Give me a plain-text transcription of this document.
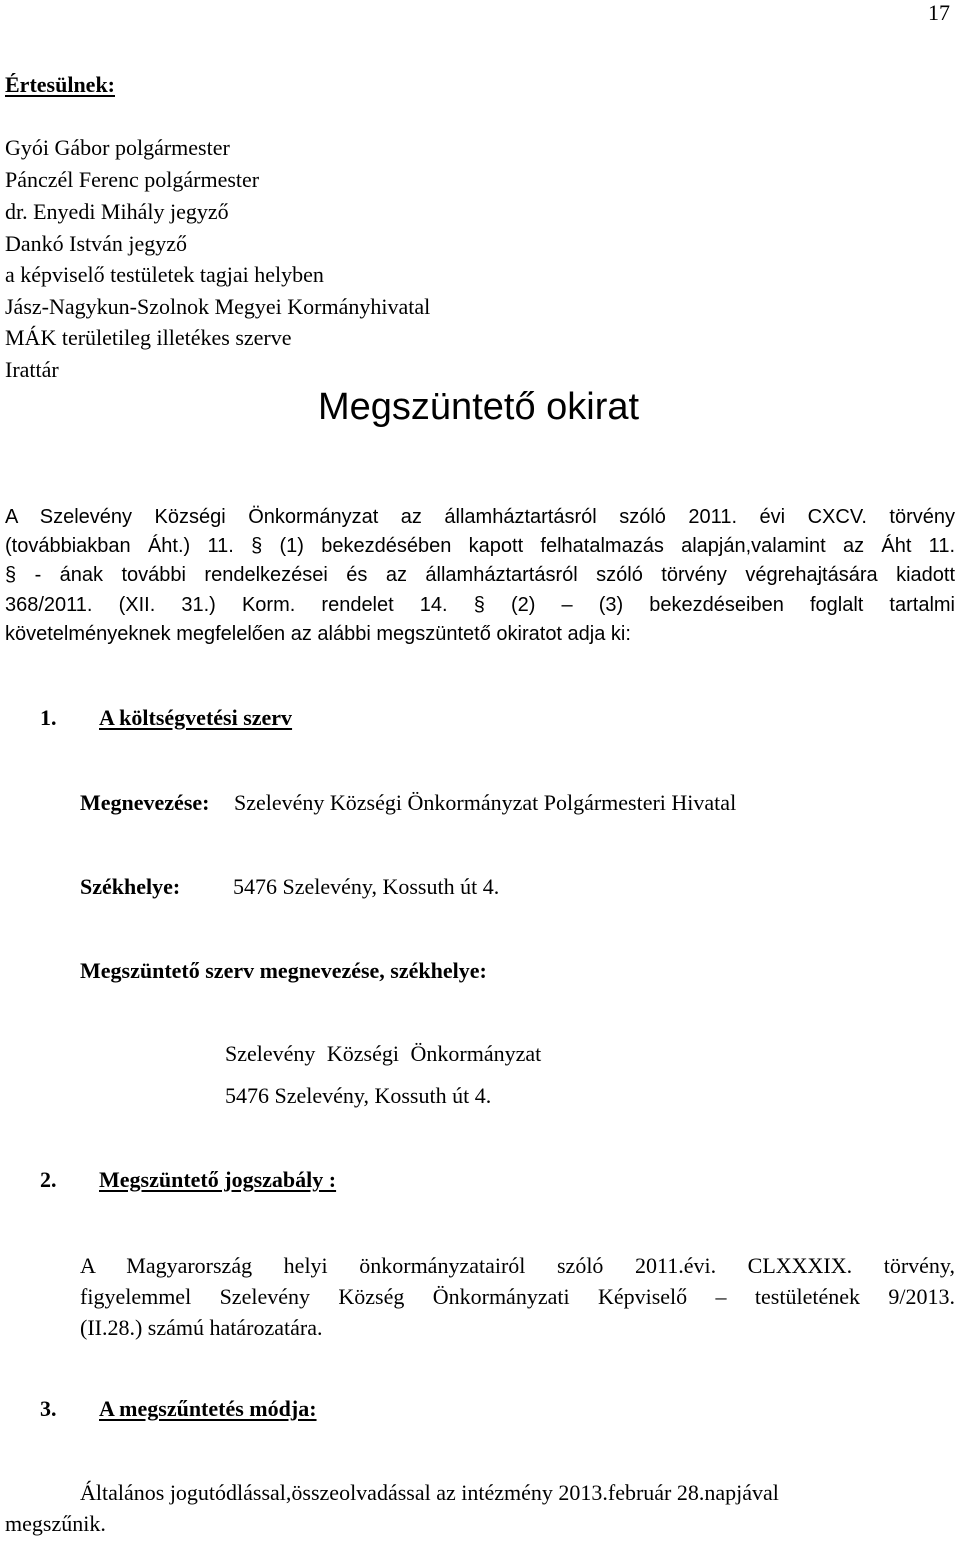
17
Értesülnek:
Gyói Gábor polgármester
Pánczél Ferenc polgármester
dr. Enyedi Mihály jegyző
Dankó István jegyző
a képviselő testületek tagjai helyben
Jász-Nagykun-Szolnok Megyei Kormányhivatal
MÁK területileg illetékes szerve
Irattár
Megszüntető okirat
A Szelevény Községi Önkormányzat az államháztartásról szóló 2011. évi CXCV. törvény
(továbbiakban Áht.) 11. § (1) bekezdésében kapott felhatalmazás alapján,valamint az Áht 11.
§ - ának további rendelkezései és az államháztartásról szóló törvény végrehajtására kiadott
368/2011. (XII. 31.) Korm. rendelet 14. § (2) – (3) bekezdéseiben foglalt tartalmi
követelményeknek megfelelően az alábbi megszüntető okiratot adja ki:
1. A költségvetési szerv
Megnevezése: Szelevény Községi Önkormányzat Polgármesteri Hivatal
Székhelye: 5476 Szelevény, Kossuth út 4.
Megszüntető szerv megnevezése, székhelye:
Szelevény Községi Önkormányzat
5476 Szelevény, Kossuth út 4.
2. Megszüntető jogszabály :
A Magyarország helyi önkormányzatairól szóló 2011.évi. CLXXXIX. törvény,
figyelemmel Szelevény Község Önkormányzati Képviselő – testületének 9/2013.
(II.28.) számú határozatára.
3. A megszűntetés módja:
Általános jogutódlással,összeolvadással az intézmény 2013.február 28.napjával
megszűnik.
